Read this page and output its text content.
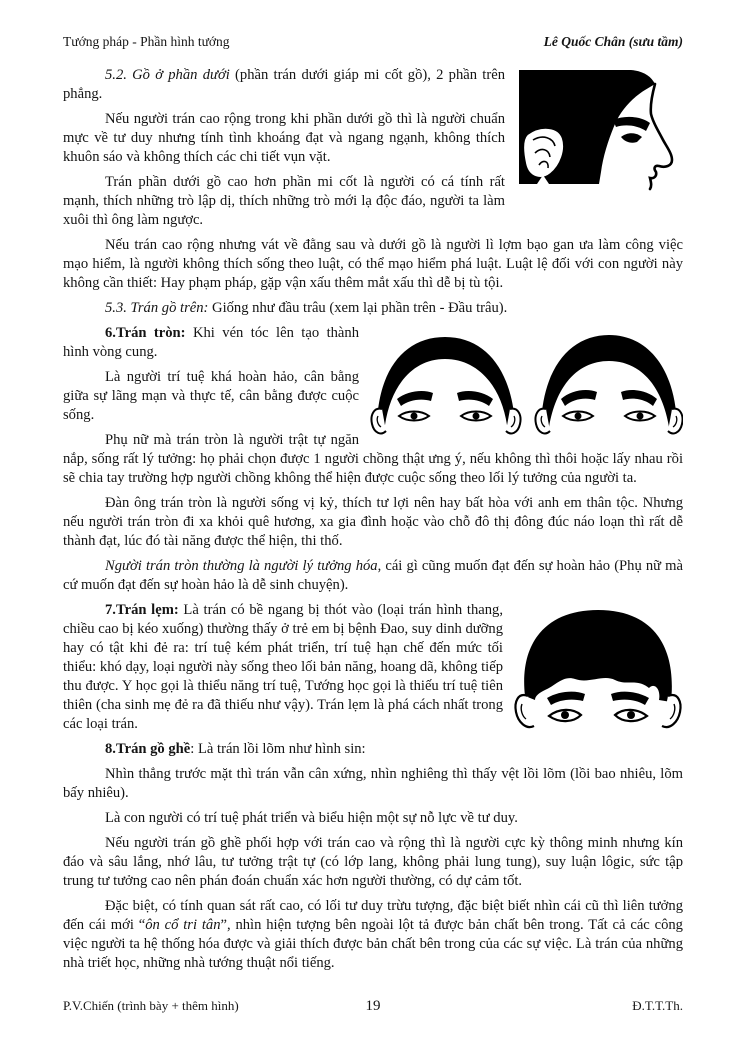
Tướng pháp - Phần hình tướng	Lê Quốc Chân (sưu tầm)

5.2. Gồ ở phần dưới (phần trán dưới giáp mi cốt gồ), 2 phần trên phẳng.

Nếu người trán cao rộng trong khi phần dưới gồ thì là người chuẩn mực về tư duy nhưng tính tình khoáng đạt và ngang ngạnh, không thích khuôn sáo và không thích các chi tiết vụn vặt.

Trán phần dưới gồ cao hơn phần mi cốt là người có cá tính rất mạnh, thích những trò lập dị, thích những trò mới lạ độc đáo, người ta làm xuôi thì ông làm ngược.

Nếu trán cao rộng nhưng vát về đằng sau và dưới gồ là người lì lợm bạo gan ưa làm công việc mạo hiểm, là người không thích sống theo luật, có thể mạo hiểm phá luật. Luật lệ đối với con người này không cần thiết: Hay phạm pháp, gặp vận xấu thêm mắt xấu thì dễ bị tù tội.

5.3. Trán gồ trên: Giống như đầu trâu (xem lại phần trên - Đầu trâu).

6.Trán tròn: Khi vén tóc lên tạo thành hình vòng cung.

Là người trí tuệ khá hoàn hảo, cân bằng giữa sự lãng mạn và thực tế, cân bằng được cuộc sống.

Phụ nữ mà trán tròn là người trật tự ngăn nắp, sống rất lý tưởng: họ phải chọn được 1 người chồng thật ưng ý, nếu không thì thôi hoặc lấy nhau rồi sẽ chia tay trường hợp người chồng không thể hiện được cuộc sống theo lối lý tưởng của người ta.

Đàn ông trán tròn là người sống vị kỷ, thích tư lợi nên hay bất hòa với anh em thân tộc. Nhưng nếu người trán tròn đi xa khỏi quê hương, xa gia đình hoặc vào chỗ đô thị đông đúc náo loạn thì rất dễ thành đạt, lúc đó tài năng được thể hiện, thi thố.

Người trán tròn thường là người lý tưởng hóa, cái gì cũng muốn đạt đến sự hoàn hảo (Phụ nữ mà cứ muốn đạt đến sự hoàn hảo là dễ sinh chuyện).

7.Trán lẹm: Là trán có bề ngang bị thót vào (loại trán hình thang, chiều cao bị kéo xuống) thường thấy ở trẻ em bị bệnh Đao, suy dinh dưỡng hay có tật khi đẻ ra: trí tuệ kém phát triển, trí tuệ hạn chế đến mức tối thiểu: khó dạy, loại người này sống theo lối bản năng, hoang dã, không tiếp thu được. Y học gọi là thiểu năng trí tuệ, Tướng học gọi là thiếu trí tuệ tiên thiên (cha sinh mẹ đẻ ra đã thiếu như vậy). Trán lẹm là phá cách nhất trong các loại trán.

8.Trán gồ ghề: Là trán lồi lõm như hình sin:

Nhìn thẳng trước mặt thì trán vẫn cân xứng, nhìn nghiêng thì thấy vệt lồi lõm (lồi bao nhiêu, lõm bấy nhiêu).

Là con người có trí tuệ phát triển và biểu hiện một sự nỗ lực về tư duy.

Nếu người trán gồ ghề phối hợp với trán cao và rộng thì là người cực kỳ thông minh nhưng kín đáo và sâu lắng, nhớ lâu, tư tưởng trật tự (có lớp lang, không phải lung tung), suy luận lôgic, sức tập trung tư tưởng cao nên phán đoán chuẩn xác hơn người thường, có dự cảm tốt.

Đặc biệt, có tính quan sát rất cao, có lối tư duy trừu tượng, đặc biệt biết nhìn cái cũ thì liên tưởng đến cái mới “ôn cổ tri tân”, nhìn hiện tượng bên ngoài lột tả được bản chất bên trong. Tất cả các công việc người ta hệ thống hóa được và giải thích được bản chất bên trong của các sự việc. Là trán của những nhà triết học, những nhà tướng thuật nổi tiếng.

P.V.Chiến (trình bày + thêm hình)	19	Đ.T.T.Th.
